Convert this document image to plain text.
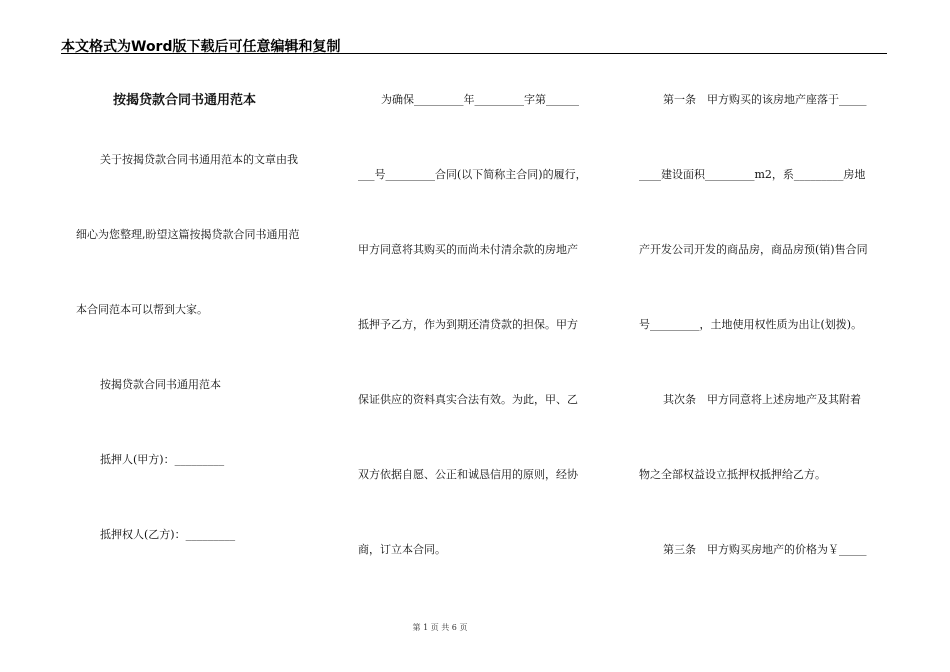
本文格式为Word版下载后可任意编辑和复制
按揭贷款合同书通用范本
关于按揭贷款合同书通用范本的文章由我
细心为您整理,盼望这篇按揭贷款合同书通用范
本合同范本可以帮到大家。
按揭贷款合同书通用范本
抵押人(甲方)：_________
抵押权人(乙方)：_________
为确保_________年_________字第______
___号_________合同(以下简称主合同)的履行，
甲方同意将其购买的而尚未付清余款的房地产
抵押予乙方，作为到期还清贷款的担保。甲方
保证供应的资料真实合法有效。为此，甲、乙
双方依据自愿、公正和诚恳信用的原则，经协
商，订立本合同。
第一条　甲方购买的该房地产座落于_____
____建设面积_________m2，系_________房地
产开发公司开发的商品房，商品房预(销)售合同
号_________，土地使用权性质为出让(划拨)。
其次条　甲方同意将上述房地产及其附着
物之全部权益设立抵押权抵押给乙方。
第三条　甲方购买房地产的价格为￥_____
第 1 页 共 6 页
